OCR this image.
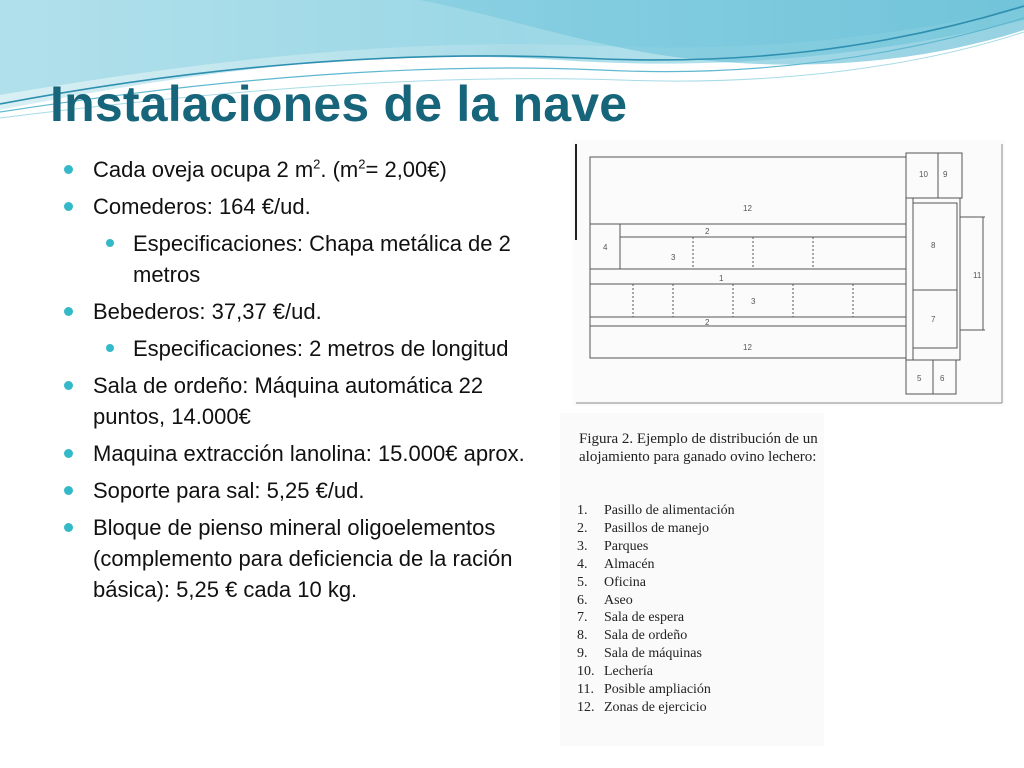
Instalaciones de la nave
Cada oveja ocupa 2 $m^2$. ($m^2=$ 2,00€)
Comederos: 164 €/ud.
Especificaciones: Chapa metálica de 2 metros
Bebederos: 37,37 €/ud.
Especificaciones: 2 metros de longitud
Sala de ordeño: Máquina automática 22 puntos, 14.000€
Maquina extracción lanolina: 15.000€ aprox.
Soporte para sal: 5,25 €/ud.
Bloque de pienso mineral oligoelementos (complemento para deficiencia de la ración básica): 5,25 € cada 10 kg.
12
10 9
2
4
3
8
11
1
3
2	7
12
5 6

Figura 2. Ejemplo de distribución de un alojamiento para ganado ovino lechero:

1. Pasillo de alimentación
2. Pasillos de manejo
3. Parques
4. Almacén
5. Oficina
6. Aseo
7. Sala de espera
8. Sala de ordeño
9. Sala de máquinas
10. Lechería
11. Posible ampliación
12. Zonas de ejercicio
